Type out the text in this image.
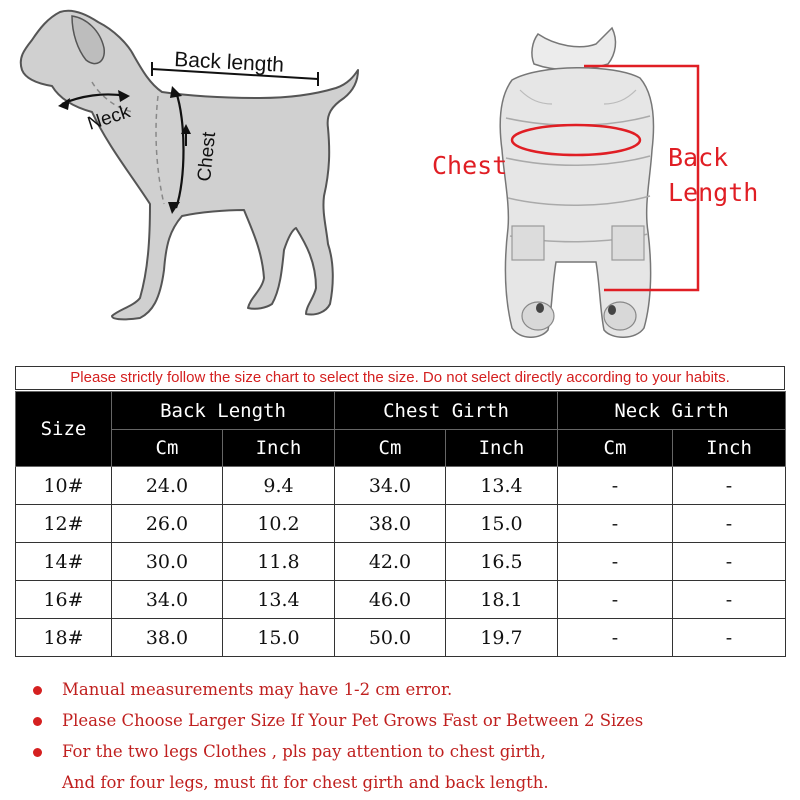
Back length
Neck
Chest	Chest	Back
Length
Please strictly follow the size chart to select the size. Do not select directly according to your habits.
Size	Back Length		Chest Girth		Neck Girth	
	Cm	Inch	Cm	Inch	Cm	Inch
10#	24.0	9.4	34.0	13.4	-	-
12#	26.0	10.2	38.0	15.0	-	-
14#	30.0	11.8	42.0	16.5	-	-
16#	34.0	13.4	46.0	18.1	-	-
18#	38.0	15.0	50.0	19.7	-	-
Manual measurements may have 1-2 cm error.
Please Choose Larger Size If Your Pet Grows Fast or Between 2 Sizes
For the two legs Clothes , pls pay attention to chest girth,
And for four legs, must fit for chest girth and back length.
